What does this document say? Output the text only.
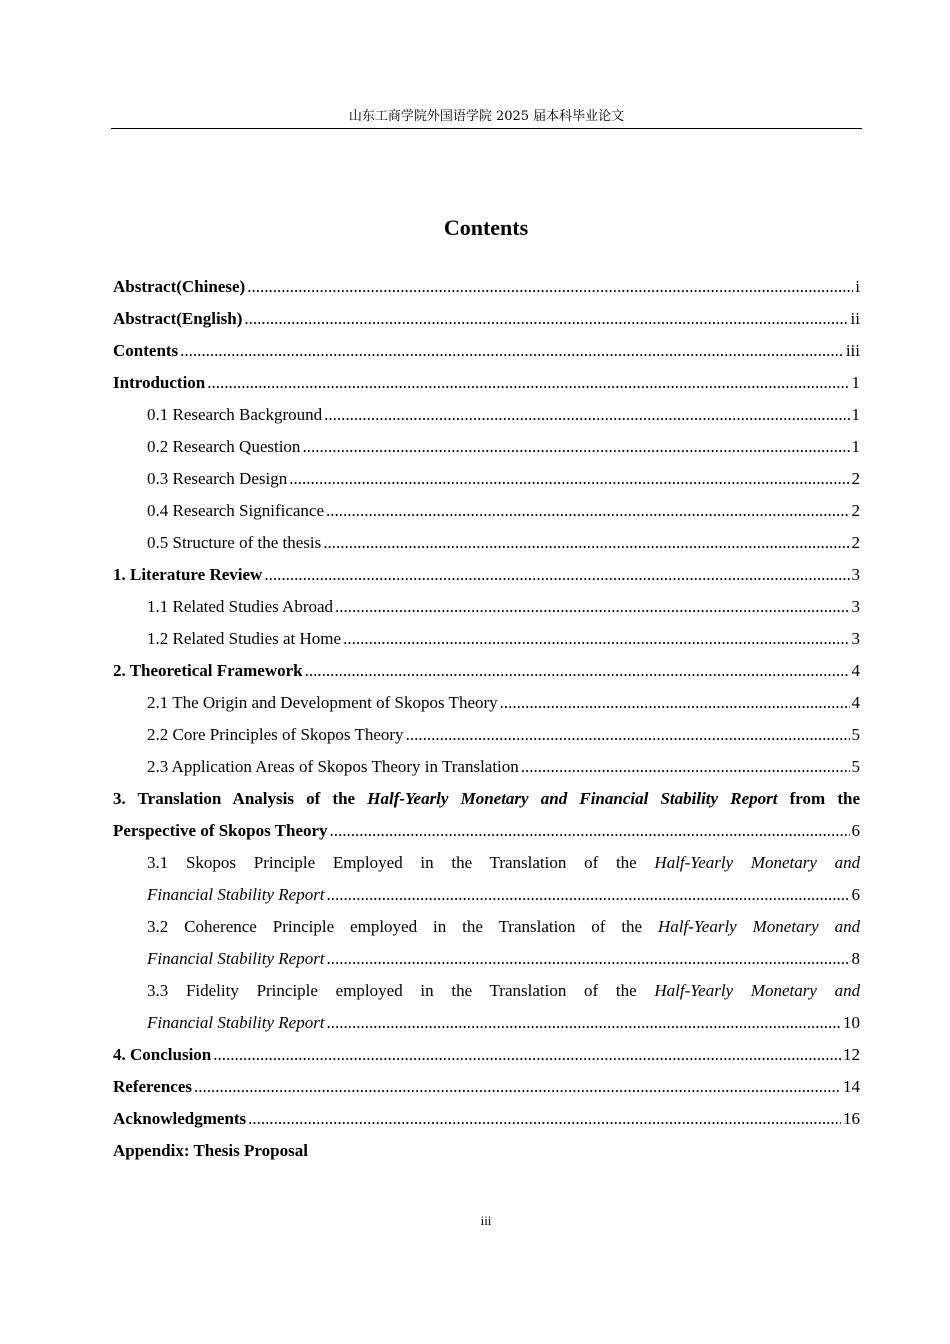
山东工商学院外国语学院 2025 届本科毕业论文
Contents
Abstract(Chinese) .....	i
Abstract(English) .....	ii
Contents .....	iii
Introduction .....	1
0.1 Research Background .....	1
0.2 Research Question .....	1
0.3 Research Design .....	2
0.4 Research Significance .....	2
0.5 Structure of the thesis .....	2
1. Literature Review .....	3
1.1 Related Studies Abroad .....	3
1.2 Related Studies at Home .....	3
2. Theoretical Framework .....	4
2.1 The Origin and Development of Skopos Theory .....	4
2.2 Core Principles of Skopos Theory .....	5
2.3 Application Areas of Skopos Theory in Translation .....	5
3. Translation Analysis of the Half-Yearly Monetary and Financial Stability Report from the
Perspective of Skopos Theory .....	6
3.1 Skopos Principle Employed in the Translation of the Half-Yearly Monetary and
Financial Stability Report .....	6
3.2 Coherence Principle employed in the Translation of the Half-Yearly Monetary and
Financial Stability Report .....	8
3.3 Fidelity Principle employed in the Translation of the Half-Yearly Monetary and
Financial Stability Report .....	10
4. Conclusion .....	12
References .....	14
Acknowledgments .....	16
Appendix: Thesis Proposal
iii
